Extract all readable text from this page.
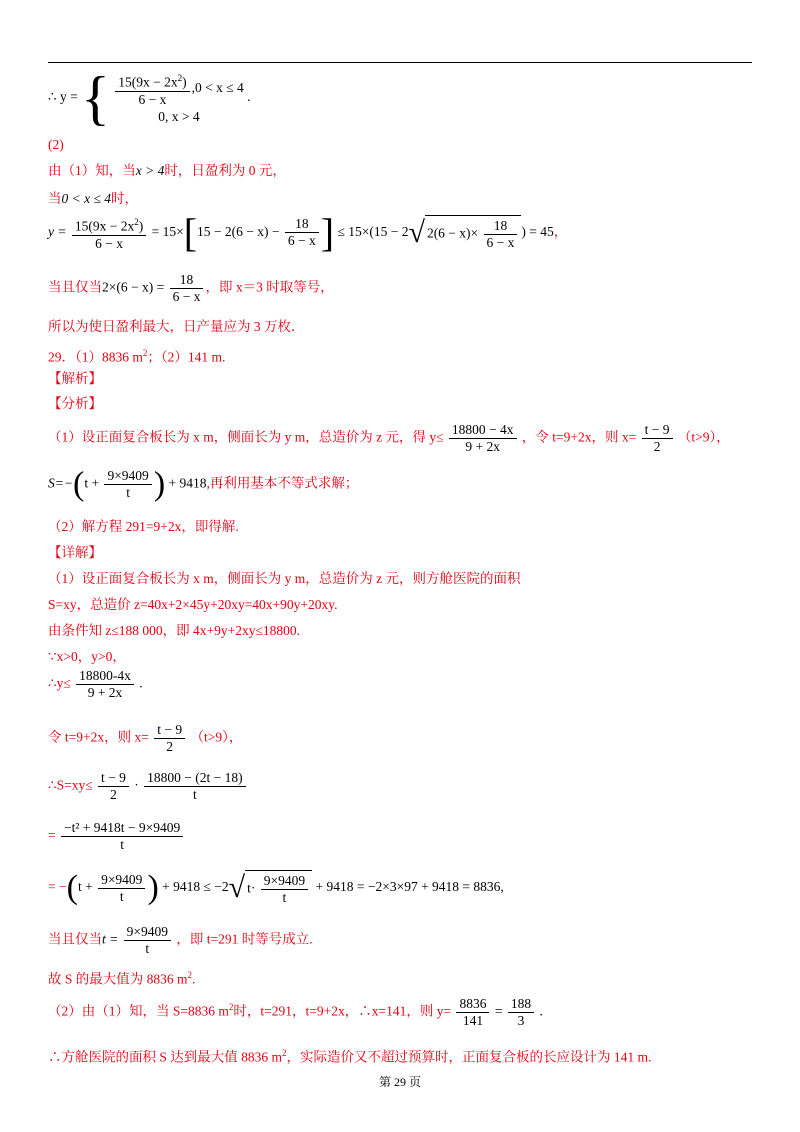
∴ y = { $\frac{15(9x - 2x^2)}{6 - x} ,0 < x \le 4$
0, x > 4
.
(2)
由（1）知，当x > 4时，日盈利为 0 元，
当0 < x ≤ 4时，
$y = \frac{15(9x - 2x^2)}{6 - x} = 15\times[15 - 2(6 - x) - \frac{18}{6 - x}$ ] ≤ 15×(15 − 2√ $2(6 - x)\times \frac{18}{6 - x}$ ) = 45，
当且仅当$2\times(6 - x) = \frac{18}{6 - x}$ ，即 x＝3 时取等号，
所以为使日盈利最大，日产量应为 3 万枚．
29．（1）8836 $m^2$；（2）141 m.
【解析】
【分析】
（1）设正面复合板长为 x m，侧面长为 y m，总造价为 z 元，得 $y\le \frac{18800 - 4x}{9 + 2x}$ ，令 t=9+2x，则 $x= \frac{t - 9}{2} (t>9)$，
$S=-(t + \frac{9\times 9409}{t}$ ) + 9418,再利用基本不等式求解；
（2）解方程 291=9+2x，即得解.
【详解】
（1）设正面复合板长为 x m，侧面长为 y m，总造价为 z 元，则方舱医院的面积
S=xy，总造价 z=40x+2×45y+20xy=40x+90y+20xy.
由条件知 z≤188 000，即 4x+9y+2xy≤18800.
∵x>0，y>0，
∴y≤ $\frac{18800-4x}{9 + 2x}$ .
令 t=9+2x，则 $x= \frac{t - 9}{2} (t>9)$，
∴S=xy≤ $\frac{t - 9}{2} \cdot \frac{18800 - (2t - 18)}{t}$
= $\frac{\text{−t² + 9418t − 9×9409}}{t}$
= $-(t + \frac{9\times 9409}{t}$ ) + 9418 ≤ −2√ $t\cdot \frac{9\times 9409}{t} + 9418 = -2\times 3\times 97 + 9418 = 8836$,
当且仅当$t = \frac{9\times 9409}{t}$ ，即 t=291 时等号成立.
故 S 的最大值为 8836 $m^2$.
（2）由（1）知，当 S=8836 $m^2$时，t=291，t=9+2x，∴x=141，则 $y= \frac{8836}{141} = \frac{188}{3}$ .
∴方舱医院的面积 S 达到最大值 8836 $m^2$，实际造价又不超过预算时，正面复合板的长应设计为 141 m.
第 29 页
